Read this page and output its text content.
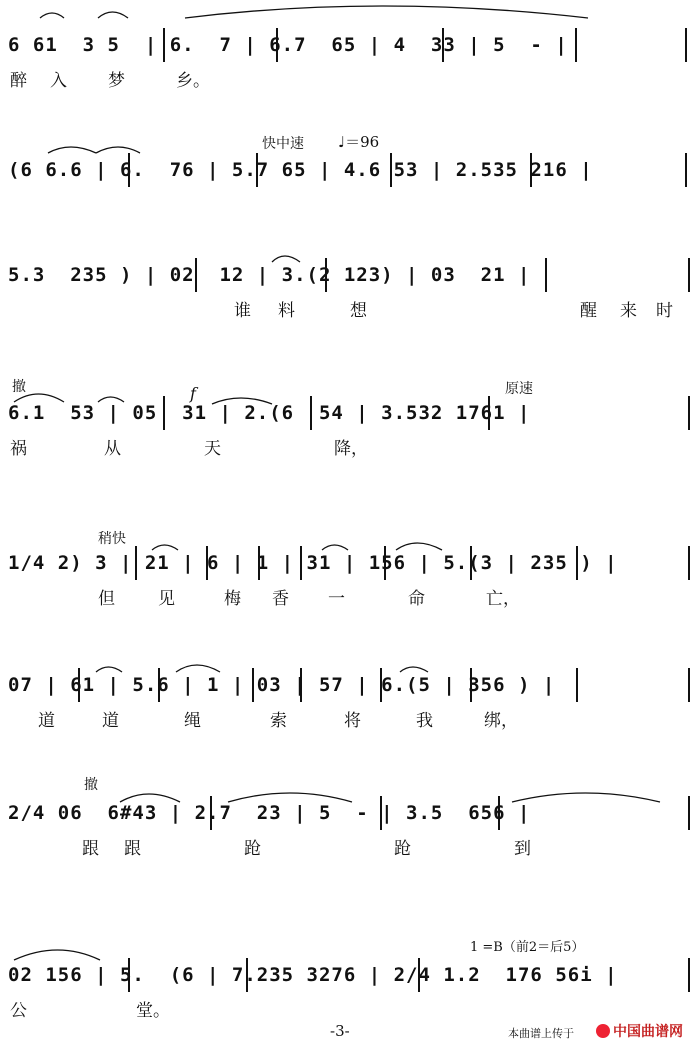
6 61  3 5  | 6.  7 | 6.7  65 | 4  33 | 5  - |
醉 入 梦	乡。
快中速 ♩＝96
(6 6.6 | 6.  76 | 5.7 65 | 4.6 53 | 2.535 216 |
5.3  235 ) | 02  12 | 3.(2 123) | 03  21 |
谁 料	想	醒 来 时
撤	f	原速
6.1  53 | 05  31 | 2.(6  54 | 3.532 1761 |
祸	从	天	降，
稍快
1/4 2) 3 | 21 | 6 | 1 | 31 | 156 | 5.(3 | 235 ) |
但	见	梅 香 一	命	亡，
07 | 61 | 5.6 | 1 | 03 | 57 | 6.(5 | 356 ) |
道	道	绳	索	将	我	绑，
撤
2/4 06  6#43 | 2.7  23 | 5  - | 3.5  656 |
跟 跟	跄	跄	到
1 =B（前2＝后5）
02 156 | 5.  (6 | 7.235 3276 | 2/4 1.2  176 56i |
公	堂。
-3-	本曲谱上传于	中国曲谱网
